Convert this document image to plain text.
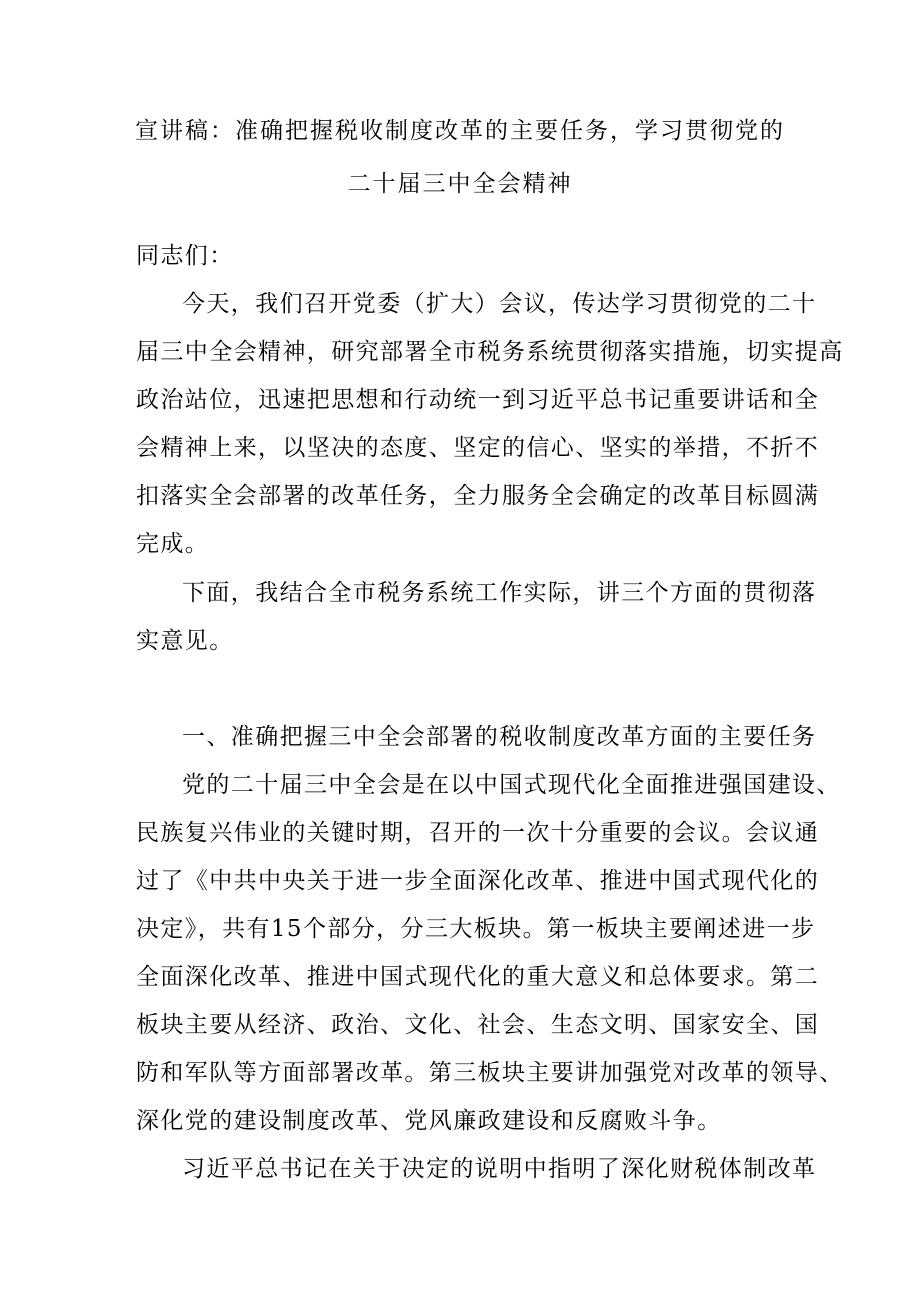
宣讲稿：准确把握税收制度改革的主要任务，学习贯彻党的
二十届三中全会精神
同志们：
今天，我们召开党委（扩大）会议，传达学习贯彻党的二十
届三中全会精神，研究部署全市税务系统贯彻落实措施，切实提高
政治站位，迅速把思想和行动统一到习近平总书记重要讲话和全
会精神上来，以坚决的态度、坚定的信心、坚实的举措，不折不
扣落实全会部署的改革任务，全力服务全会确定的改革目标圆满
完成。
下面，我结合全市税务系统工作实际，讲三个方面的贯彻落
实意见。
一、准确把握三中全会部署的税收制度改革方面的主要任务
党的二十届三中全会是在以中国式现代化全面推进强国建设、
民族复兴伟业的关键时期，召开的一次十分重要的会议。会议通
过了《中共中央关于进一步全面深化改革、推进中国式现代化的
决定》，共有15个部分，分三大板块。第一板块主要阐述进一步
全面深化改革、推进中国式现代化的重大意义和总体要求。第二
板块主要从经济、政治、文化、社会、生态文明、国家安全、国
防和军队等方面部署改革。第三板块主要讲加强党对改革的领导、
深化党的建设制度改革、党风廉政建设和反腐败斗争。
习近平总书记在关于决定的说明中指明了深化财税体制改革
